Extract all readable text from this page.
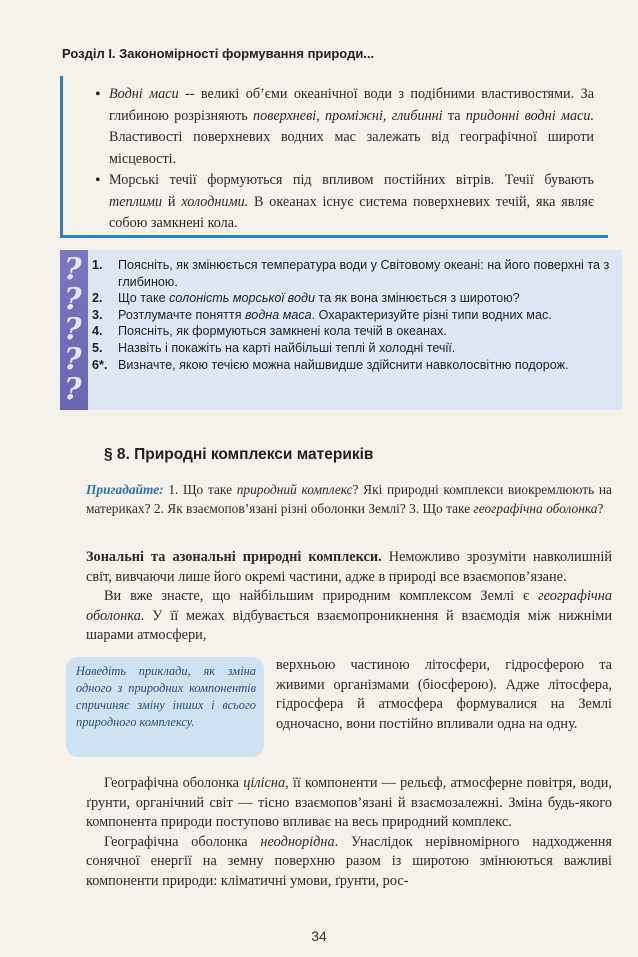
Розділ І. Закономірності формування природи...
• Водні маси -- великі об’єми океанічної води з подібними властивостями. За глибиною розрізняють поверхневі, проміжні, глибинні та придонні водні маси. Властивості поверхневих водних мас залежать від географічної широти місцевості.
• Морські течії формуються під впливом постійних вітрів. Течії бувають теплими й холодними. В океанах існує система поверхневих течій, яка являє собою замкнені кола.
?
?
?
?
?
1. Поясніть, як змінюється температура води у Світовому океані: на його поверхні та з глибиною.
2. Що таке солоність морської води та як вона змінюється з широтою?
3. Розтлумачте поняття водна маса. Охарактеризуйте різні типи водних мас.
4. Поясніть, як формуються замкнені кола течій в океанах.
5. Назвіть і покажіть на карті найбільші теплі й холодні течії.
6*. Визначте, якою течією можна найшвидше здійснити навколосвітню подорож.
§ 8. Природні комплекси материків
Пригадайте: 1. Що таке природний комплекс? Які природні комплекси виокремлюють на материках? 2. Як взаємопов’язані різні оболонки Землі? 3. Що таке географічна оболонка?

Зональні та азональні природні комплекси. Неможливо зрозуміти навколишній світ, вивчаючи лише його окремі частини, адже в природі все взаємопов’язане.

Ви вже знаєте, що найбільшим природним комплексом Землі є географічна оболонка. У її межах відбувається взаємопроникнення й взаємодія між нижніми шарами атмосфери,

Наведіть приклади, як зміна одного з природних компонентів спричиняє зміну інших і всього природного комплексу.
верхньою частиною літосфери, гідросферою та живими організмами (біосферою). Адже літосфера, гідросфера й атмосфера формувалися на Землі одночасно, вони постійно впливали одна на одну.

Географічна оболонка цілісна, її компоненти — рельєф, атмосферне повітря, води, ґрунти, органічний світ — тісно взаємопов’язані й взаємозалежні. Зміна будь-якого компонента природи поступово впливає на весь природний комплекс.

Географічна оболонка неоднорідна. Унаслідок нерівномірного надходження сонячної енергії на земну поверхню разом із широтою змінюються важливі компоненти природи: кліматичні умови, ґрунти, рос-

34
